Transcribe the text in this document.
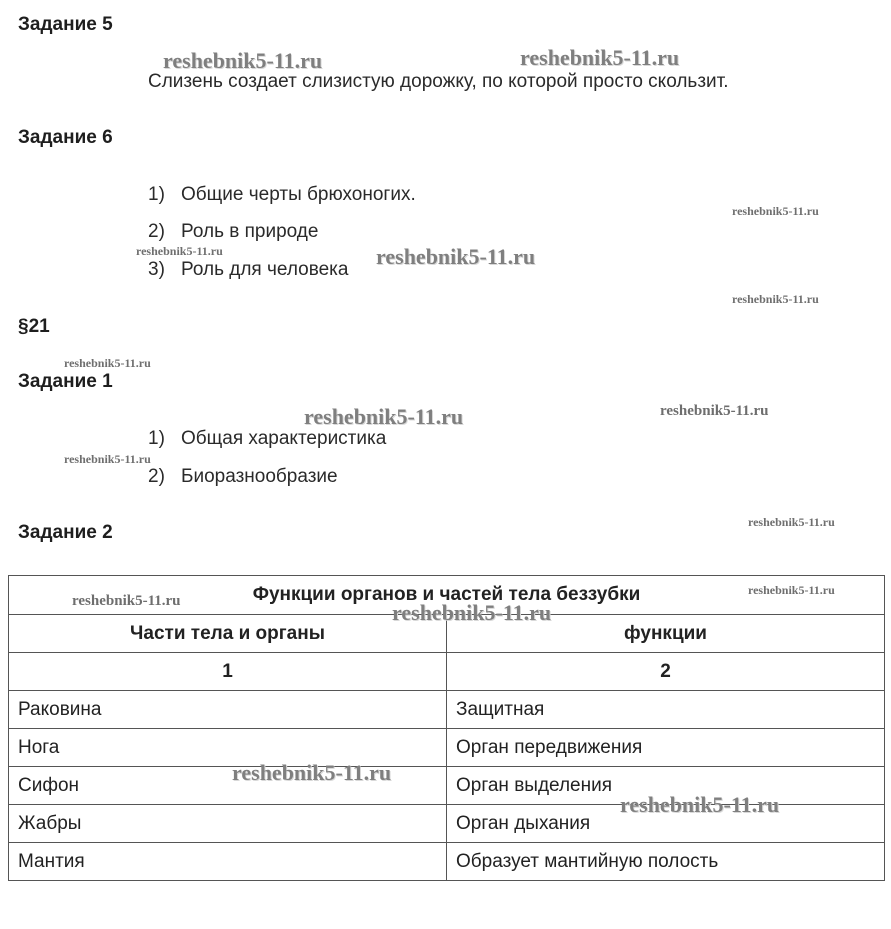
Задание 5
Слизень создает слизистую дорожку, по которой просто скользит.
Задание 6
1) Общие черты брюхоногих.
2) Роль в природе
3) Роль для человека
§21
Задание 1
1) Общая характеристика
2) Биоразнообразие
Задание 2
Функции органов и частей тела беззубки	
Части тела и органы	функции
1	2
Раковина	Защитная
Нога	Орган передвижения
Сифон	Орган выделения
Жабры	Орган дыхания
Мантия	Образует мантийную полость
reshebnik5-11.ru	reshebnik5-11.ru
reshebnik5-11.ru
reshebnik5-11.ru	reshebnik5-11.ru
reshebnik5-11.ru
reshebnik5-11.ru
reshebnik5-11.ru	reshebnik5-11.ru
reshebnik5-11.ru
reshebnik5-11.ru
reshebnik5-11.ru
reshebnik5-11.ru
reshebnik5-11.ru
reshebnik5-11.ru
reshebnik5-11.ru
